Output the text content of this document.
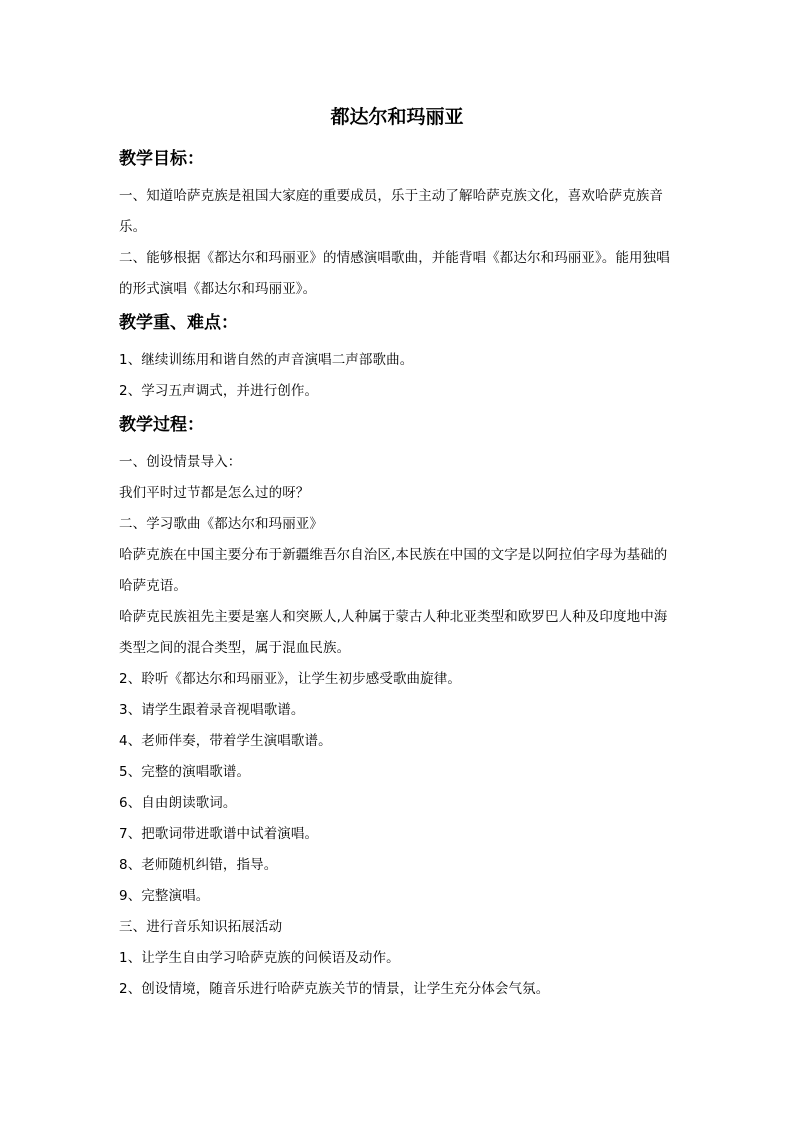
都达尔和玛丽亚
教学目标：

一、知道哈萨克族是祖国大家庭的重要成员，乐于主动了解哈萨克族文化，喜欢哈萨克族音乐。

二、能够根据《都达尔和玛丽亚》的情感演唱歌曲，并能背唱《都达尔和玛丽亚》。能用独唱的形式演唱《都达尔和玛丽亚》。

教学重、难点：

1、继续训练用和谐自然的声音演唱二声部歌曲。

2、学习五声调式，并进行创作。

教学过程：

一、创设情景导入：

我们平时过节都是怎么过的呀？

二、学习歌曲《都达尔和玛丽亚》

哈萨克族在中国主要分布于新疆维吾尔自治区,本民族在中国的文字是以阿拉伯字母为基础的哈萨克语。

哈萨克民族祖先主要是塞人和突厥人,人种属于蒙古人种北亚类型和欧罗巴人种及印度地中海类型之间的混合类型，属于混血民族。

2、聆听《都达尔和玛丽亚》，让学生初步感受歌曲旋律。

3、请学生跟着录音视唱歌谱。

4、老师伴奏，带着学生演唱歌谱。

5、完整的演唱歌谱。

6、自由朗读歌词。

7、把歌词带进歌谱中试着演唱。

8、老师随机纠错，指导。

9、完整演唱。

三、进行音乐知识拓展活动

1、让学生自由学习哈萨克族的问候语及动作。

2、创设情境，随音乐进行哈萨克族关节的情景，让学生充分体会气氛。
